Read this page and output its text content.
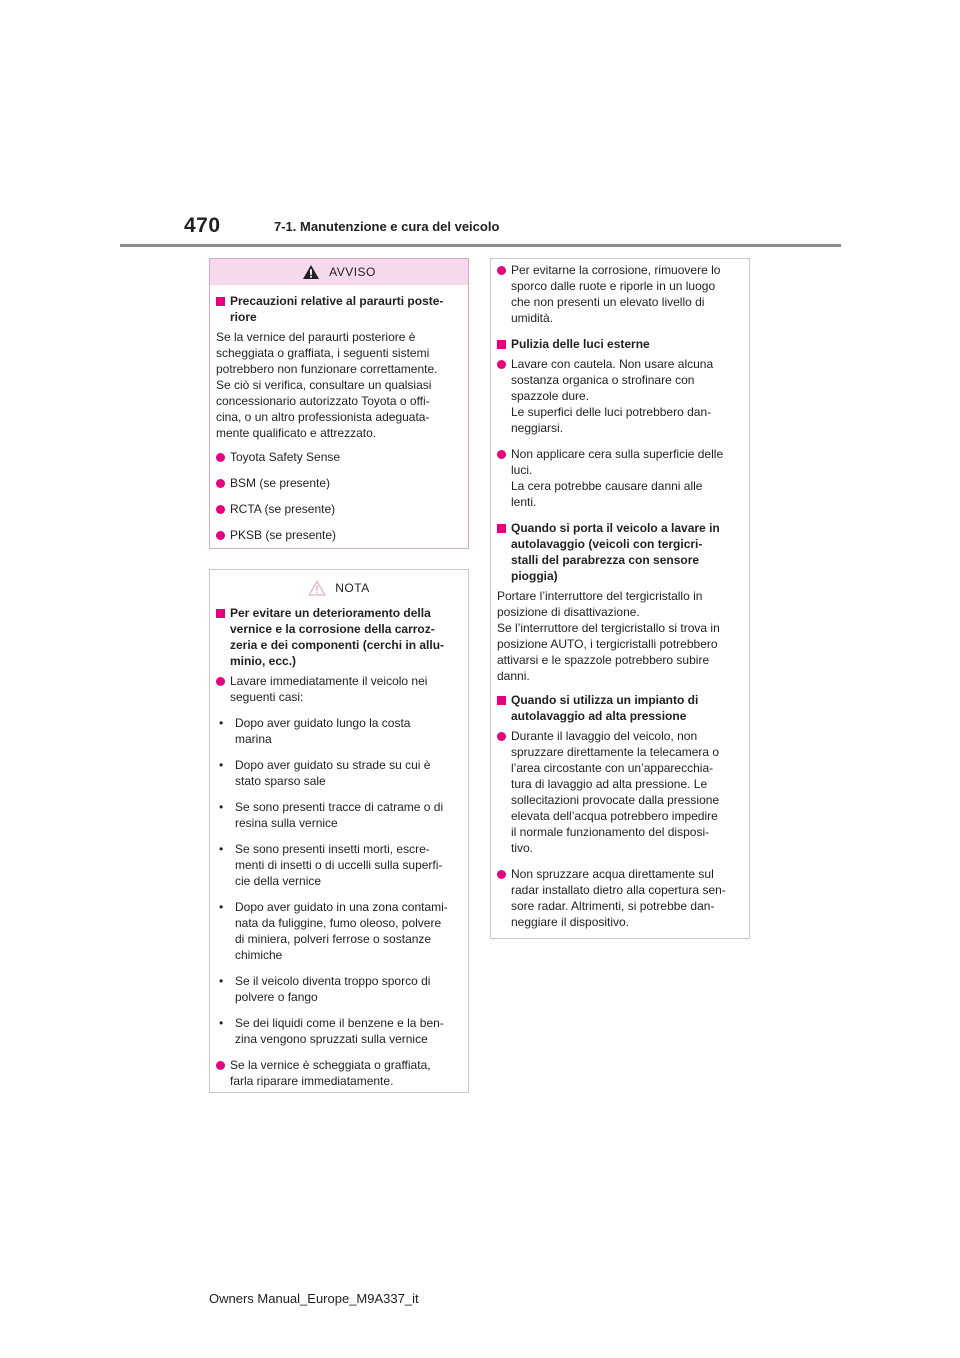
470	7-1. Manutenzione e cura del veicolo
AVVISO
Precauzioni relative al paraurti poste-
riore
Se la vernice del paraurti posteriore è
scheggiata o graffiata, i seguenti sistemi
potrebbero non funzionare correttamente.
Se ciò si verifica, consultare un qualsiasi
concessionario autorizzato Toyota o offi-
cina, o un altro professionista adeguata-
mente qualificato e attrezzato.
Toyota Safety Sense
BSM (se presente)
RCTA (se presente)
PKSB (se presente)
NOTA
Per evitare un deterioramento della
vernice e la corrosione della carroz-
zeria e dei componenti (cerchi in allu-
minio, ecc.)
Lavare immediatamente il veicolo nei
seguenti casi:
• Dopo aver guidato lungo la costa
marina
• Dopo aver guidato su strade su cui è
stato sparso sale
• Se sono presenti tracce di catrame o di
resina sulla vernice
• Se sono presenti insetti morti, escre-
menti di insetti o di uccelli sulla superfi-
cie della vernice
• Dopo aver guidato in una zona contami-
nata da fuliggine, fumo oleoso, polvere
di miniera, polveri ferrose o sostanze
chimiche
• Se il veicolo diventa troppo sporco di
polvere o fango
• Se dei liquidi come il benzene e la ben-
zina vengono spruzzati sulla vernice
Se la vernice è scheggiata o graffiata,
farla riparare immediatamente.
Per evitarne la corrosione, rimuovere lo
sporco dalle ruote e riporle in un luogo
che non presenti un elevato livello di
umidità.
Pulizia delle luci esterne
Lavare con cautela. Non usare alcuna
sostanza organica o strofinare con
spazzole dure.
Le superfici delle luci potrebbero dan-
neggiarsi.
Non applicare cera sulla superficie delle
luci.
La cera potrebbe causare danni alle
lenti.
Quando si porta il veicolo a lavare in
autolavaggio (veicoli con tergicri-
stalli del parabrezza con sensore
pioggia)
Portare l’interruttore del tergicristallo in
posizione di disattivazione.
Se l’interruttore del tergicristallo si trova in
posizione AUTO, i tergicristalli potrebbero
attivarsi e le spazzole potrebbero subire
danni.
Quando si utilizza un impianto di
autolavaggio ad alta pressione
Durante il lavaggio del veicolo, non
spruzzare direttamente la telecamera o
l’area circostante con un’apparecchia-
tura di lavaggio ad alta pressione. Le
sollecitazioni provocate dalla pressione
elevata dell’acqua potrebbero impedire
il normale funzionamento del disposi-
tivo.
Non spruzzare acqua direttamente sul
radar installato dietro alla copertura sen-
sore radar. Altrimenti, si potrebbe dan-
neggiare il dispositivo.
Owners Manual_Europe_M9A337_it
